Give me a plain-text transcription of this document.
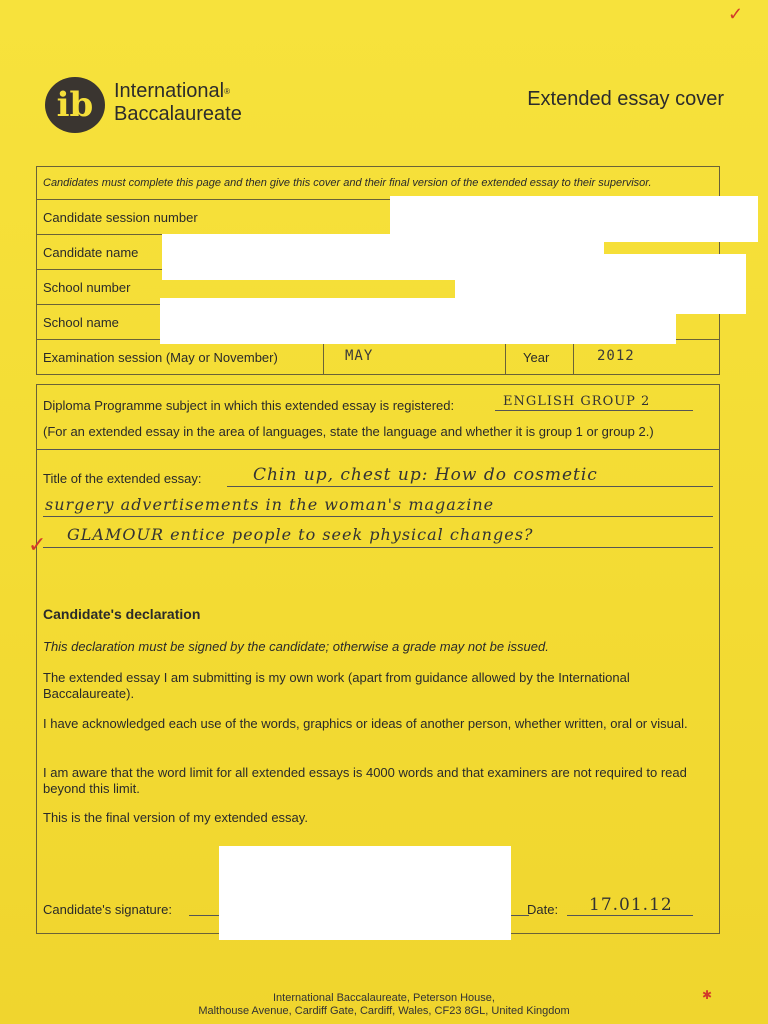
ib International®
Baccalaureate
Extended essay cover
Candidates must complete this page and then give this cover and their final version of the extended essay to their supervisor.
Candidate session number
Candidate name
School number
School name
Examination session (May or November)	MAY	Year	2012
Diploma Programme subject in which this extended essay is registered:	ENGLISH GROUP 2
(For an extended essay in the area of languages, state the language and whether it is group 1 or group 2.)
Title of the extended essay:	Chin up, chest up: How do cosmetic
surgery advertisements in the woman's magazine
GLAMOUR entice people to seek physical changes?
Candidate's declaration
This declaration must be signed by the candidate; otherwise a grade may not be issued.
The extended essay I am submitting is my own work (apart from guidance allowed by the International Baccalaureate).
I have acknowledged each use of the words, graphics or ideas of another person, whether written, oral or visual.
I am aware that the word limit for all extended essays is 4000 words and that examiners are not required to read beyond this limit.
This is the final version of my extended essay.
Candidate's signature:	Date: 17.01.12
✓
✓
✱
International Baccalaureate, Peterson House,
Malthouse Avenue, Cardiff Gate, Cardiff, Wales, CF23 8GL, United Kingdom
